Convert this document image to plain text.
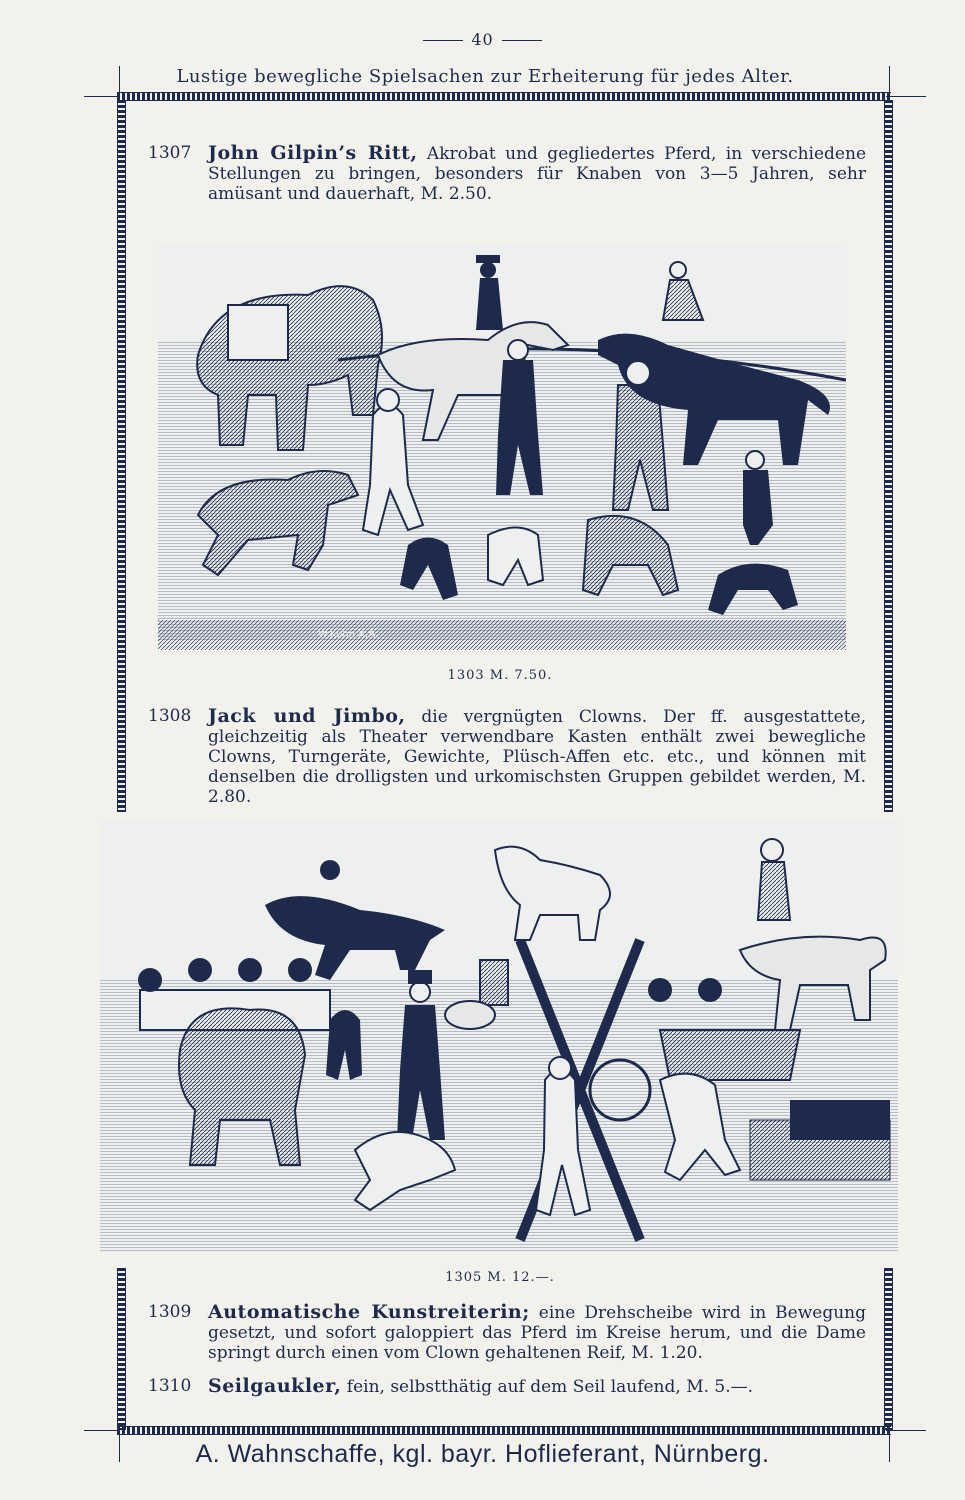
40
Lustige bewegliche Spielsachen zur Erheiterung für jedes Alter.
1307 John Gilpin’s Ritt, Akrobat und gegliedertes Pferd, in verschiedene Stellungen zu bringen, besonders für Knaben von 3—5 Jahren, sehr amüsant und dauerhaft, M. 2.50.
W.Kühn X.A.
1303 M. 7.50.
1308 Jack und Jimbo, die vergnügten Clowns. Der ff. ausgestattete, gleichzeitig als Theater verwendbare Kasten enthält zwei bewegliche Clowns, Turngeräte, Gewichte, Plüsch-Affen etc. etc., und können mit denselben die drolligsten und urkomischsten Gruppen gebildet werden, M. 2.80.
1305 M. 12.—.
1309 Automatische Kunstreiterin; eine Drehscheibe wird in Bewegung gesetzt, und sofort galoppiert das Pferd im Kreise herum, und die Dame springt durch einen vom Clown gehaltenen Reif, M. 1.20.
1310 Seilgaukler, fein, selbstthätig auf dem Seil laufend, M. 5.—.
A. Wahnschaffe, kgl. bayr. Hoflieferant, Nürnberg.
